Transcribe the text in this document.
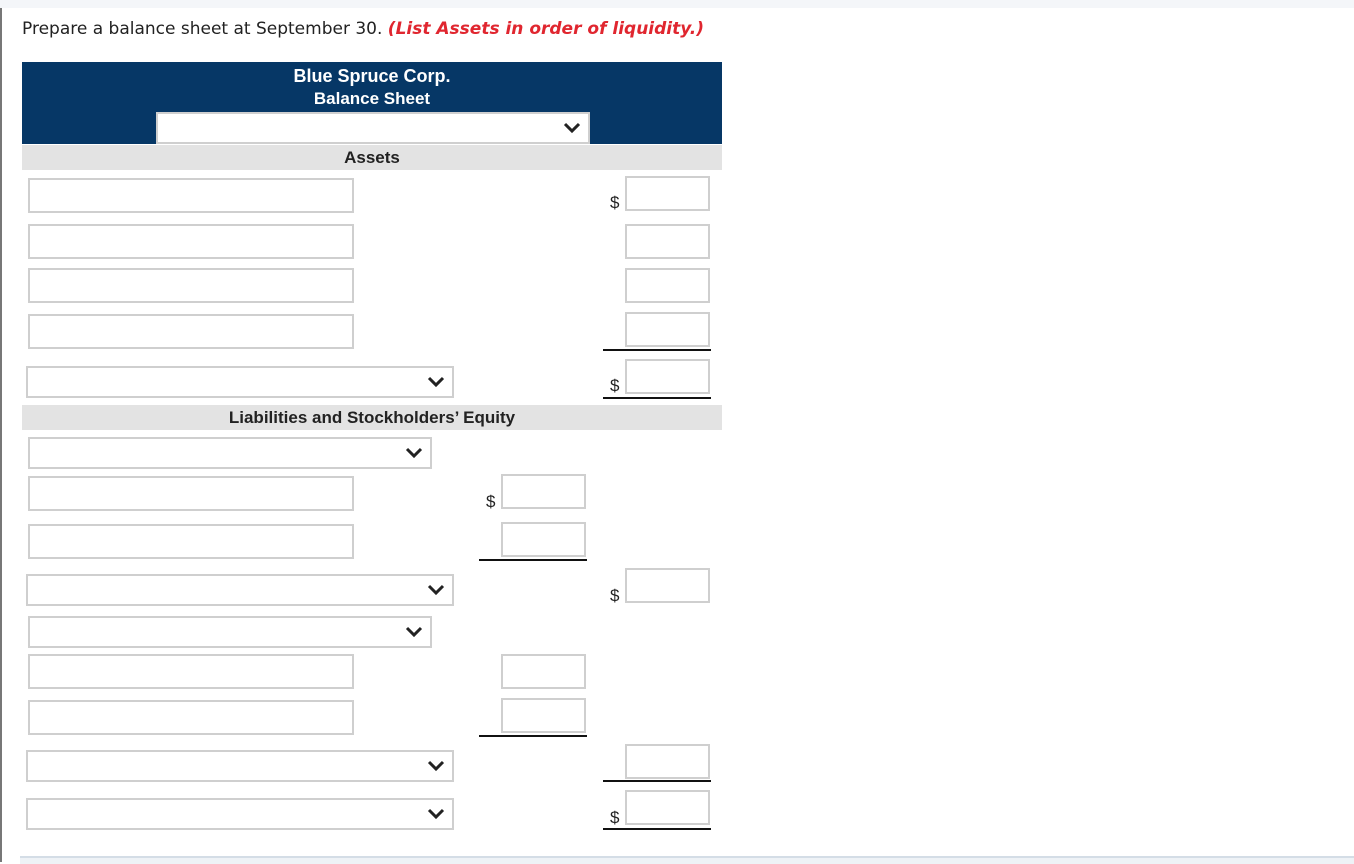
Prepare a balance sheet at September 30. (List Assets in order of liquidity.)
Blue Spruce Corp.
Balance Sheet
Assets
$
$
Liabilities and Stockholders’ Equity
$
$
$
